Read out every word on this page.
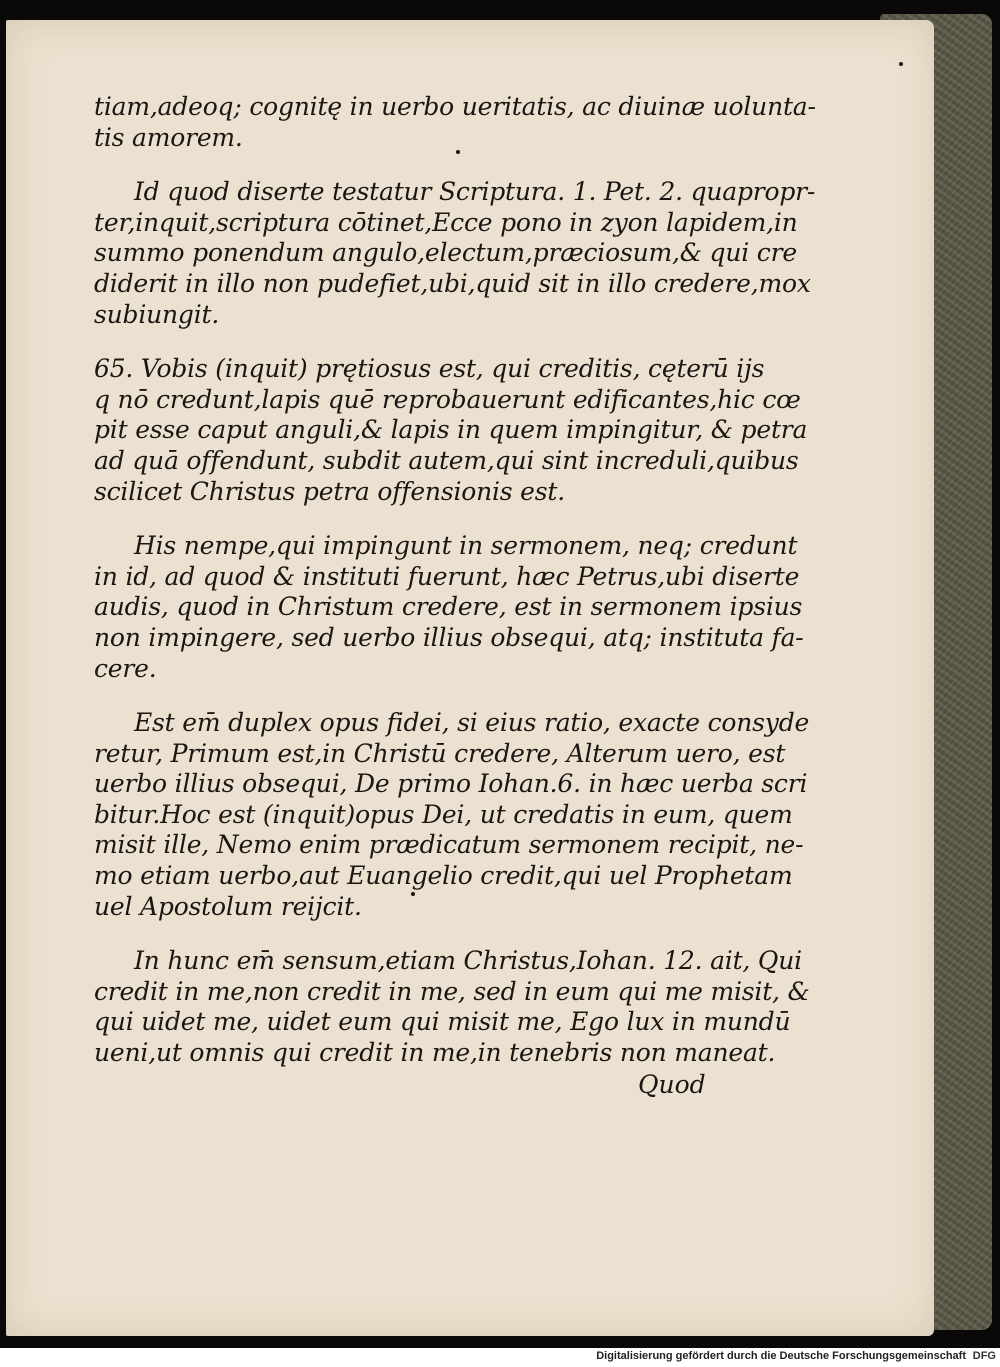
tiam,adeoq; cognitę in uerbo ueritatis, ac diuinæ uolunta-
tis amorem.
Id quod diserte testatur Scriptura. 1. Pet. 2. quapropr-
ter,inquit,scriptura cōtinet,Ecce pono in zyon lapidem,in
summo ponendum angulo,electum,præciosum,& qui cre
diderit in illo non pudefiet,ubi,quid sit in illo credere,mox
subiungit.
65. Vobis (inquit) prętiosus est, qui creditis, cęterū ijs
q nō credunt,lapis quē reprobauerunt edificantes,hic cœ
pit esse caput anguli,& lapis in quem impingitur, & petra
ad quā offendunt, subdit autem,qui sint increduli,quibus
scilicet Christus petra offensionis est.
His nempe,qui impingunt in sermonem, neq; credunt
in id, ad quod & instituti fuerunt, hæc Petrus,ubi diserte
audis, quod in Christum credere, est in sermonem ipsius
non impingere, sed uerbo illius obsequi, atq; instituta fa-
cere.
Est em̄ duplex opus fidei, si eius ratio, exacte consyde
retur, Primum est,in Christū credere, Alterum uero, est
uerbo illius obsequi, De primo Iohan.6. in hæc uerba scri
bitur.Hoc est (inquit)opus Dei, ut credatis in eum, quem
misit ille, Nemo enim prædicatum sermonem recipit, ne-
mo etiam uerbo,aut Euangelio credit,qui uel Prophetam
uel Apostolum reijcit.
In hunc em̄ sensum,etiam Christus,Iohan. 12. ait, Qui
credit in me,non credit in me, sed in eum qui me misit, &
qui uidet me, uidet eum qui misit me, Ego lux in mundū
ueni,ut omnis qui credit in me,in tenebris non maneat.
Quod
Digitalisierung gefördert durch die Deutsche Forschungsgemeinschaft DFG
